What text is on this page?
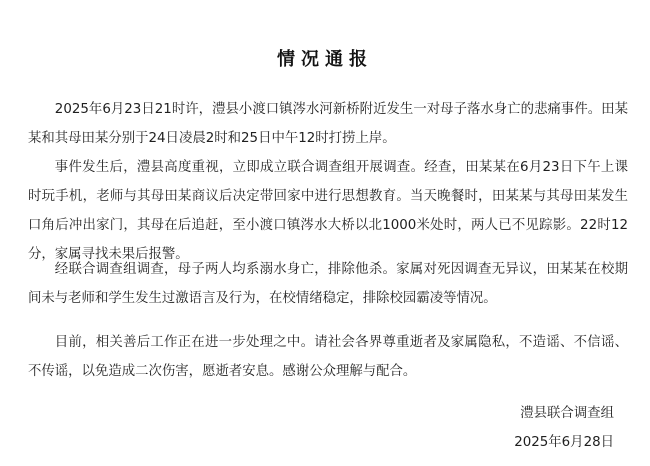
情况通报

2025年6月23日21时许，澧县小渡口镇涔水河新桥附近发生一对母子落水身亡的悲痛事件。田某某和其母田某分别于24日凌晨2时和25日中午12时打捞上岸。

事件发生后，澧县高度重视，立即成立联合调查组开展调查。经查，田某某在6月23日下午上课时玩手机，老师与其母田某商议后决定带回家中进行思想教育。当天晚餐时，田某某与其母田某发生口角后冲出家门，其母在后追赶，至小渡口镇涔水大桥以北1000米处时，两人已不见踪影。22时12分，家属寻找未果后报警。

经联合调查组调查，母子两人均系溺水身亡，排除他杀。家属对死因调查无异议，田某某在校期间未与老师和学生发生过激语言及行为，在校情绪稳定，排除校园霸凌等情况。

目前，相关善后工作正在进一步处理之中。请社会各界尊重逝者及家属隐私，不造谣、不信谣、不传谣，以免造成二次伤害，愿逝者安息。感谢公众理解与配合。

澧县联合调查组
2025年6月28日
